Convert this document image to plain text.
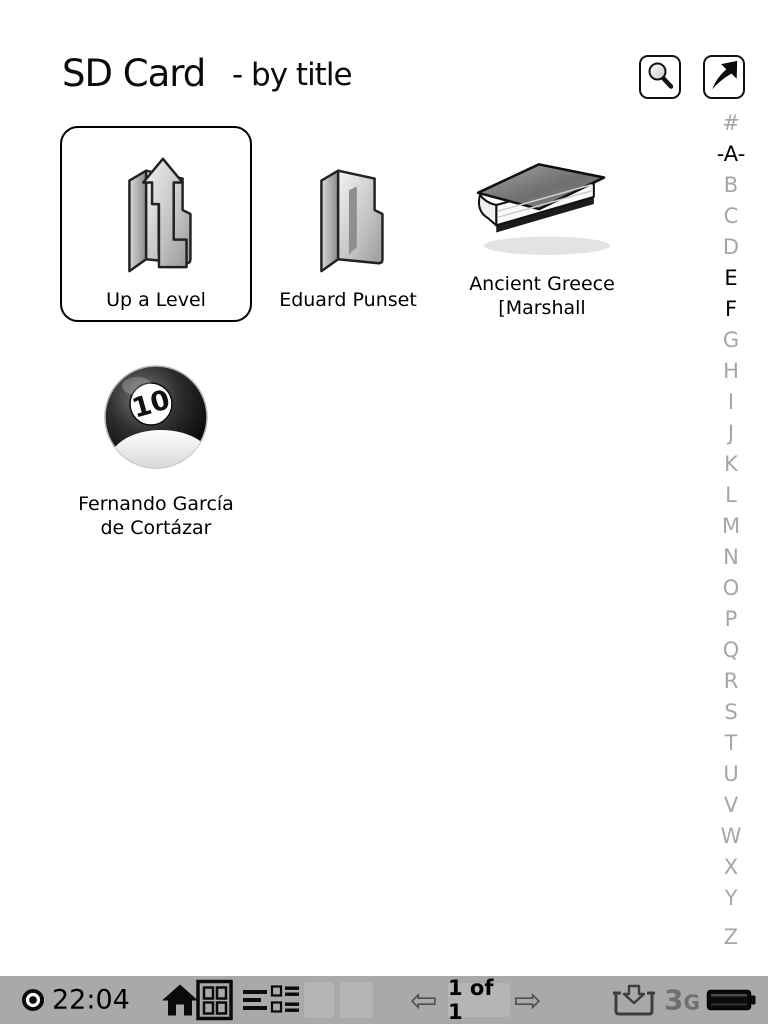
SD Card - by title
Up a Level	Eduard Punset
Ancient Greece
[Marshall
10
Fernando García
de Cortázar
#
-A-
B
C
D
E
F
G
H
I
J
K
L
M
N
O
P
Q
R
S
T
U
V
W
X
Y
Z
22:04	⇦ 1 of 1	⇨	3G
